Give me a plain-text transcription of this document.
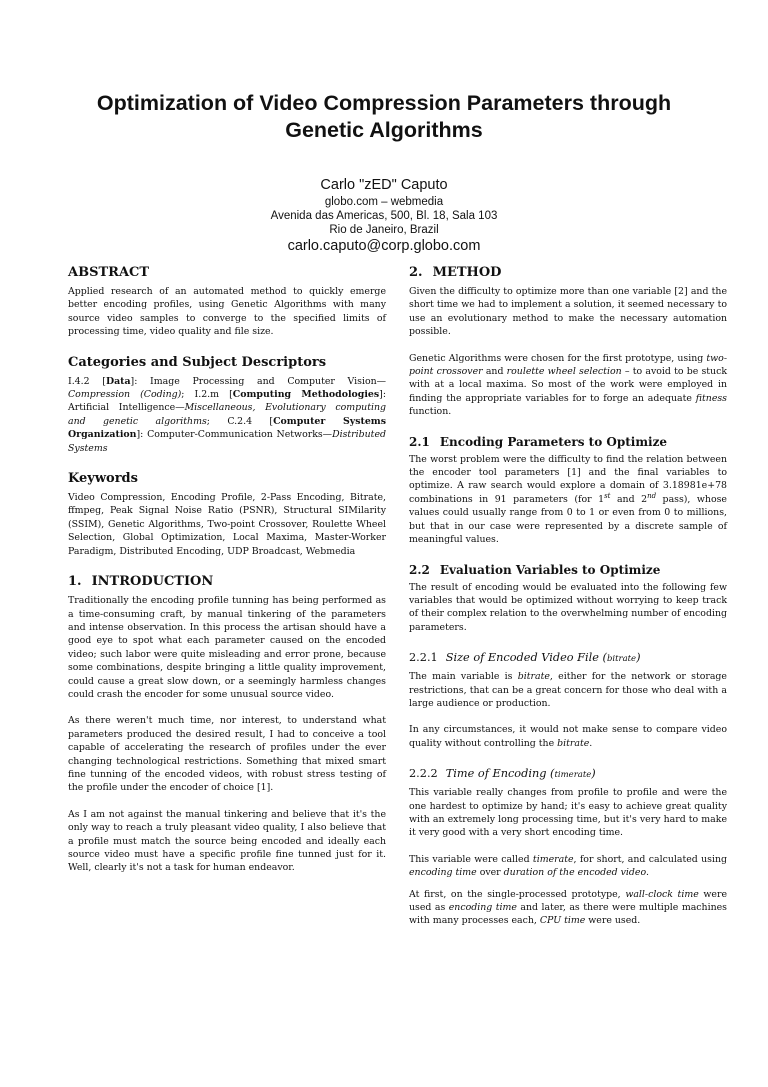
Optimization of Video Compression Parameters through Genetic Algorithms
Carlo "zED" Caputo
globo.com – webmedia
Avenida das Americas, 500, Bl. 18, Sala 103
Rio de Janeiro, Brazil
carlo.caputo@corp.globo.com
ABSTRACT

Applied research of an automated method to quickly emerge better encoding profiles, using Genetic Algorithms with many source video samples to converge to the specified limits of processing time, video quality and file size.

Categories and Subject Descriptors

I.4.2 [Data]: Image Processing and Computer Vision—Compression (Coding); I.2.m [Computing Methodologies]: Artificial Intelligence—Miscellaneous, Evolutionary computing and genetic algorithms; C.2.4 [Computer Systems Organization]: Computer-Communication Networks—Distributed Systems

Keywords

Video Compression, Encoding Profile, 2-Pass Encoding, Bitrate, ffmpeg, Peak Signal Noise Ratio (PSNR), Structural SIMilarity (SSIM), Genetic Algorithms, Two-point Crossover, Roulette Wheel Selection, Global Optimization, Local Maxima, Master-Worker Paradigm, Distributed Encoding, UDP Broadcast, Webmedia

1. INTRODUCTION

Traditionally the encoding profile tunning has being performed as a time-consuming craft, by manual tinkering of the parameters and intense observation. In this process the artisan should have a good eye to spot what each parameter caused on the encoded video; such labor were quite misleading and error prone, because some combinations, despite bringing a little quality improvement, could cause a great slow down, or a seemingly harmless changes could crash the encoder for some unusual source video.

As there weren't much time, nor interest, to understand what parameters produced the desired result, I had to conceive a tool capable of accelerating the research of profiles under the ever changing technological restrictions. Something that mixed smart fine tunning of the encoded videos, with robust stress testing of the profile under the encoder of choice [1].

As I am not against the manual tinkering and believe that it's the only way to reach a truly pleasant video quality, I also believe that a profile must match the source being encoded and ideally each source video must have a specific profile fine tunned just for it. Well, clearly it's not a task for human endeavor.

2. METHOD

Given the difficulty to optimize more than one variable [2] and the short time we had to implement a solution, it seemed necessary to use an evolutionary method to make the necessary automation possible.

Genetic Algorithms were chosen for the first prototype, using two-point crossover and roulette wheel selection – to avoid to be stuck with at a local maxima. So most of the work were employed in finding the appropriate variables for to forge an adequate fitness function.

2.1 Encoding Parameters to Optimize

The worst problem were the difficulty to find the relation between the encoder tool parameters [1] and the final variables to optimize. A raw search would explore a domain of 3.18981e+78 combinations in 91 parameters (for 1st and 2nd pass), whose values could usually range from 0 to 1 or even from 0 to millions, but that in our case were represented by a discrete sample of meaningful values.

2.2 Evaluation Variables to Optimize

The result of encoding would be evaluated into the following few variables that would be optimized without worrying to keep track of their complex relation to the overwhelming number of encoding parameters.

2.2.1 Size of Encoded Video File (bitrate)

The main variable is bitrate, either for the network or storage restrictions, that can be a great concern for those who deal with a large audience or production.

In any circumstances, it would not make sense to compare video quality without controlling the bitrate.

2.2.2 Time of Encoding (timerate)

This variable really changes from profile to profile and were the one hardest to optimize by hand; it's easy to achieve great quality with an extremely long processing time, but it's very hard to make it very good with a very short encoding time.

This variable were called timerate, for short, and calculated using encoding time over duration of the encoded video.

At first, on the single-processed prototype, wall-clock time were used as encoding time and later, as there were multiple machines with many processes each, CPU time were used.
